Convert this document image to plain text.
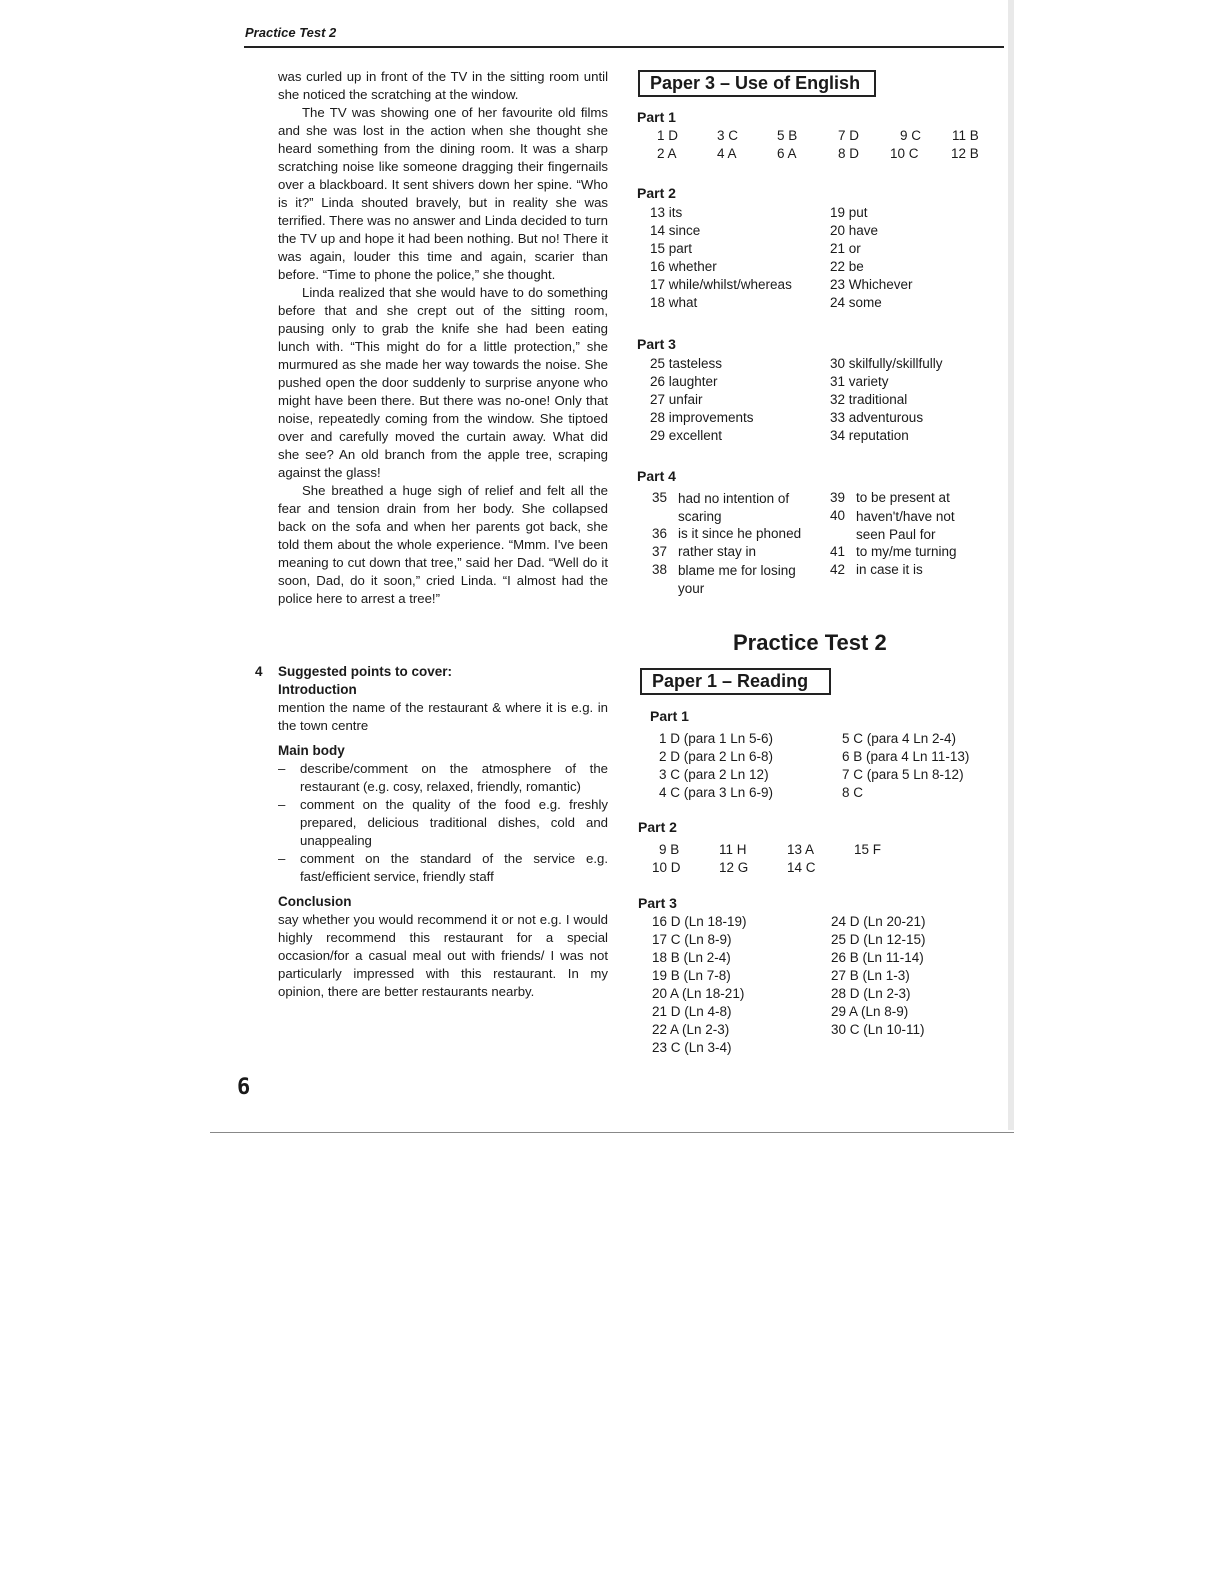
Practice Test 2

was curled up in front of the TV in the sitting room until she noticed the scratching at the window.

The TV was showing one of her favourite old films and she was lost in the action when she thought she heard something from the dining room. It was a sharp scratching noise like someone dragging their fingernails over a blackboard. It sent shivers down her spine. “Who is it?” Linda shouted bravely, but in reality she was terrified. There was no answer and Linda decided to turn the TV up and hope it had been nothing. But no! There it was again, louder this time and again, scarier than before. “Time to phone the police,” she thought.

Linda realized that she would have to do something before that and she crept out of the sitting room, pausing only to grab the knife she had been eating lunch with. “This might do for a little protection,” she murmured as she made her way towards the noise. She pushed open the door suddenly to surprise anyone who might have been there. But there was no-one! Only that noise, repeatedly coming from the window. She tiptoed over and carefully moved the curtain away. What did she see? An old branch from the apple tree, scraping against the glass!

She breathed a huge sigh of relief and felt all the fear and tension drain from her body. She collapsed back on the sofa and when her parents got back, she told them about the whole experience. “Mmm. I've been meaning to cut down that tree,” said her Dad. “Well do it soon, Dad, do it soon,” cried Linda. “I almost had the police here to arrest a tree!”

4 Suggested points to cover:

Introduction

mention the name of the restaurant & where it is e.g. in the town centre

Main body

–	describe/comment on the atmosphere of the restaurant (e.g. cosy, relaxed, friendly, romantic)
–	comment on the quality of the food e.g. freshly prepared, delicious traditional dishes, cold and unappealing
–	comment on the standard of the service e.g. fast/efficient service, friendly staff

Conclusion

say whether you would recommend it or not e.g. I would highly recommend this restaurant for a special occasion/for a casual meal out with friends/ I was not particularly impressed with this restaurant. In my opinion, there are better restaurants nearby.

6
Paper 3 – Use of English
Part 1
1 D
2 A
3 C
4 A
5 B
6 A
7 D
8 D
9 C
10 C
11 B
12 B
Part 2
13 its
14 since
15 part
16 whether
17 while/whilst/whereas
18 what
19 put
20 have
21 or
22 be
23 Whichever
24 some
Part 3
25 tasteless
26 laughter
27 unfair
28 improvements
29 excellent
30 skilfully/skillfully
31 variety
32 traditional
33 adventurous
34 reputation
Part 4
35 had no intention of scaring
36 is it since he phoned
37 rather stay in
38 blame me for losing your
39 to be present at
40 haven't/have not seen Paul for
41 to my/me turning
42 in case it is
Practice Test 2
Paper 1 – Reading
Part 1
1 D (para 1 Ln 5-6)
2 D (para 2 Ln 6-8)
3 C (para 2 Ln 12)
4 C (para 3 Ln 6-9)
5 C (para 4 Ln 2-4)
6 B (para 4 Ln 11-13)
7 C (para 5 Ln 8-12)
8 C
Part 2
9 B
10 D
11 H
12 G
13 A
14 C
15 F
Part 3
16 D (Ln 18-19)
17 C (Ln 8-9)
18 B (Ln 2-4)
19 B (Ln 7-8)
20 A (Ln 18-21)
21 D (Ln 4-8)
22 A (Ln 2-3)
23 C (Ln 3-4)
24 D (Ln 20-21)
25 D (Ln 12-15)
26 B (Ln 11-14)
27 B (Ln 1-3)
28 D (Ln 2-3)
29 A (Ln 8-9)
30 C (Ln 10-11)
